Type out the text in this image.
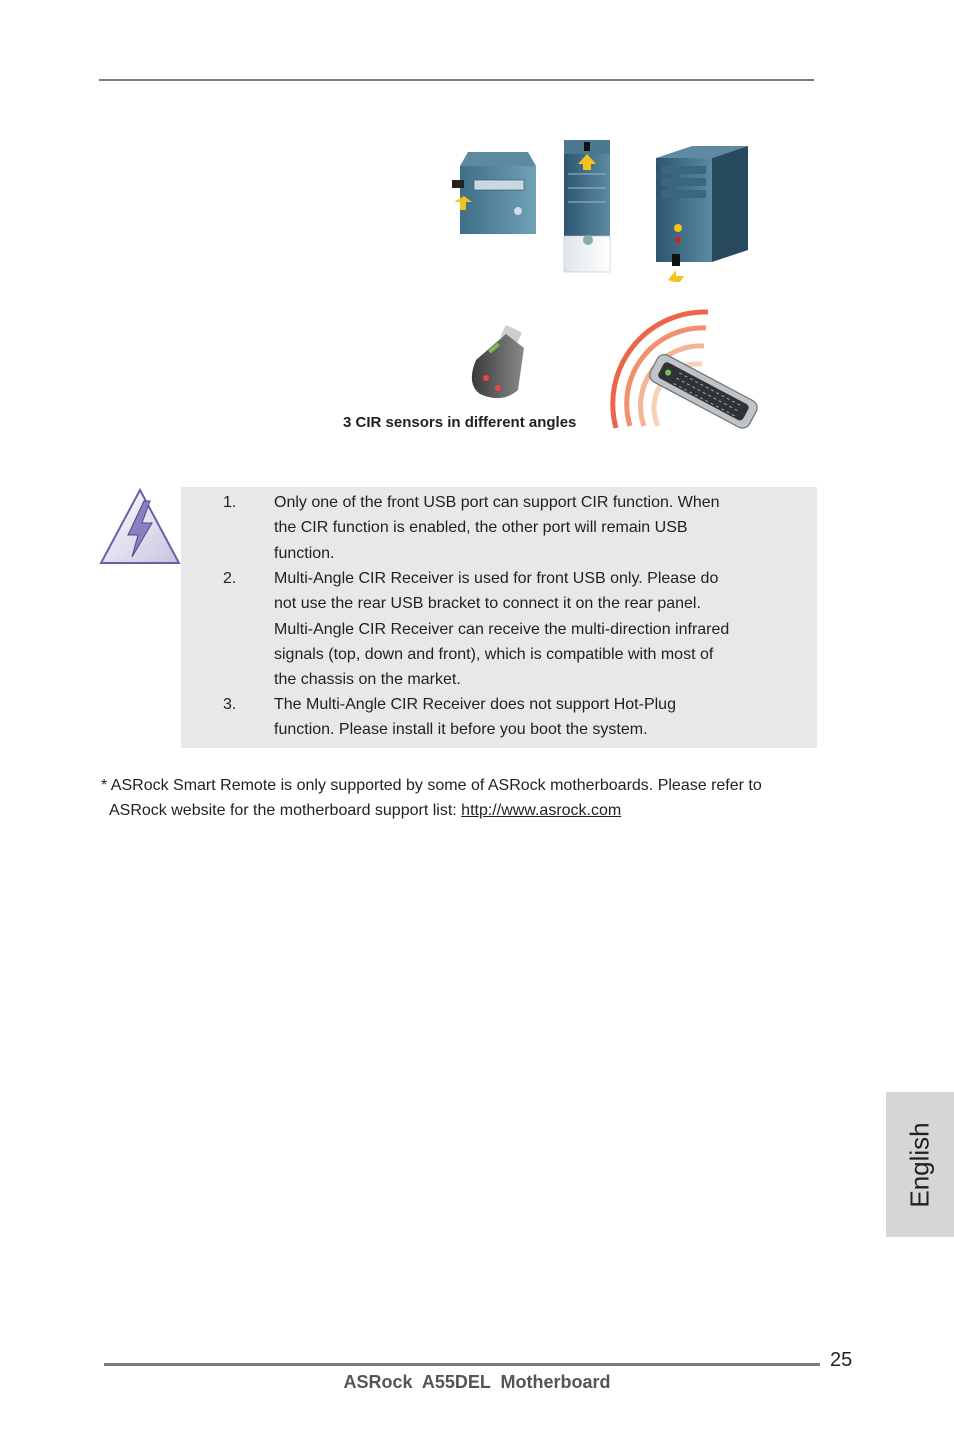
3 CIR sensors in different angles
1. Only one of the front USB port can support CIR function. When
the CIR function is enabled, the other port will remain USB
function.
2. Multi-Angle CIR Receiver is used for front USB only. Please do
not use the rear USB bracket to connect it on the rear panel.
Multi-Angle CIR Receiver can receive the multi-direction infrared
signals (top, down and front), which is compatible with most of
the chassis on the market.
3. The Multi-Angle CIR Receiver does not support Hot-Plug
function. Please install it before you boot the system.
* ASRock Smart Remote is only supported by some of ASRock motherboards. Please refer to
ASRock website for the motherboard support list: http://www.asrock.com
English
25
ASRock  A55DEL  Motherboard
